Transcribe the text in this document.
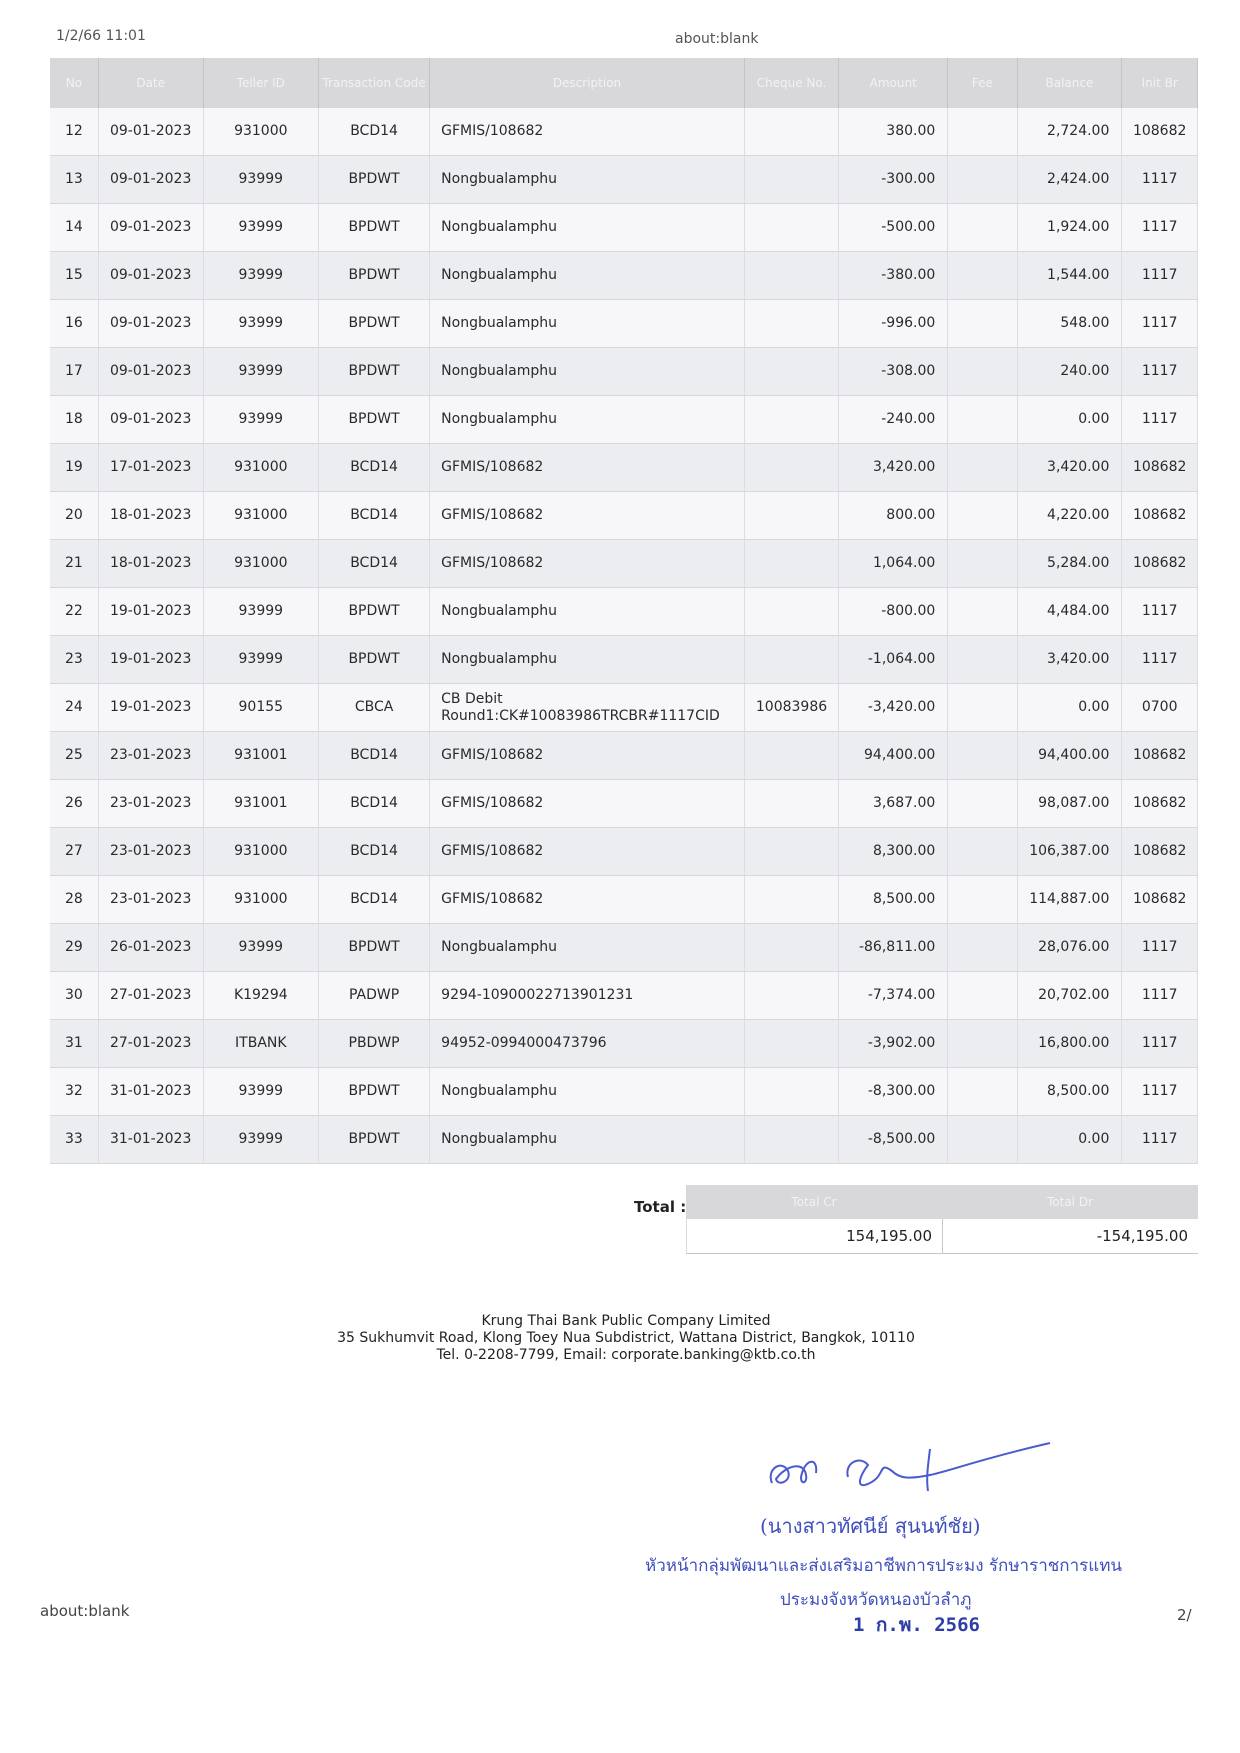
1/2/66 11:01	about:blank
No	Date	Teller ID	Transaction Code	Description	Cheque No.	Amount	Fee	Balance	Init Br
12	09-01-2023	931000	BCD14	GFMIS/108682		380.00		2,724.00	108682
13	09-01-2023	93999	BPDWT	Nongbualamphu		-300.00		2,424.00	1117
14	09-01-2023	93999	BPDWT	Nongbualamphu		-500.00		1,924.00	1117
15	09-01-2023	93999	BPDWT	Nongbualamphu		-380.00		1,544.00	1117
16	09-01-2023	93999	BPDWT	Nongbualamphu		-996.00		548.00	1117
17	09-01-2023	93999	BPDWT	Nongbualamphu		-308.00		240.00	1117
18	09-01-2023	93999	BPDWT	Nongbualamphu		-240.00		0.00	1117
19	17-01-2023	931000	BCD14	GFMIS/108682		3,420.00		3,420.00	108682
20	18-01-2023	931000	BCD14	GFMIS/108682		800.00		4,220.00	108682
21	18-01-2023	931000	BCD14	GFMIS/108682		1,064.00		5,284.00	108682
22	19-01-2023	93999	BPDWT	Nongbualamphu		-800.00		4,484.00	1117
23	19-01-2023	93999	BPDWT	Nongbualamphu		-1,064.00		3,420.00	1117
24	19-01-2023	90155	CBCA	CB Debit Round1:CK#10083986TRCBR#1117CID	10083986	-3,420.00		0.00	0700
25	23-01-2023	931001	BCD14	GFMIS/108682		94,400.00		94,400.00	108682
26	23-01-2023	931001	BCD14	GFMIS/108682		3,687.00		98,087.00	108682
27	23-01-2023	931000	BCD14	GFMIS/108682		8,300.00		106,387.00	108682
28	23-01-2023	931000	BCD14	GFMIS/108682		8,500.00		114,887.00	108682
29	26-01-2023	93999	BPDWT	Nongbualamphu		-86,811.00		28,076.00	1117
30	27-01-2023	K19294	PADWP	9294-10900022713901231		-7,374.00		20,702.00	1117
31	27-01-2023	ITBANK	PBDWP	94952-0994000473796		-3,902.00		16,800.00	1117
32	31-01-2023	93999	BPDWT	Nongbualamphu		-8,300.00		8,500.00	1117
33	31-01-2023	93999	BPDWT	Nongbualamphu		-8,500.00		0.00	1117
Total :	Total Cr	Total Dr
154,195.00	-154,195.00
Krung Thai Bank Public Company Limited
35 Sukhumvit Road, Klong Toey Nua Subdistrict, Wattana District, Bangkok, 10110
Tel. 0-2208-7799, Email: corporate.banking@ktb.co.th
(นางสาวทัศนีย์ สุนนท์ชัย)
หัวหน้ากลุ่มพัฒนาและส่งเสริมอาชีพการประมง รักษาราชการแทน
ประมงจังหวัดหนองบัวลำภู
1 ก.พ. 2566
about:blank	2/
